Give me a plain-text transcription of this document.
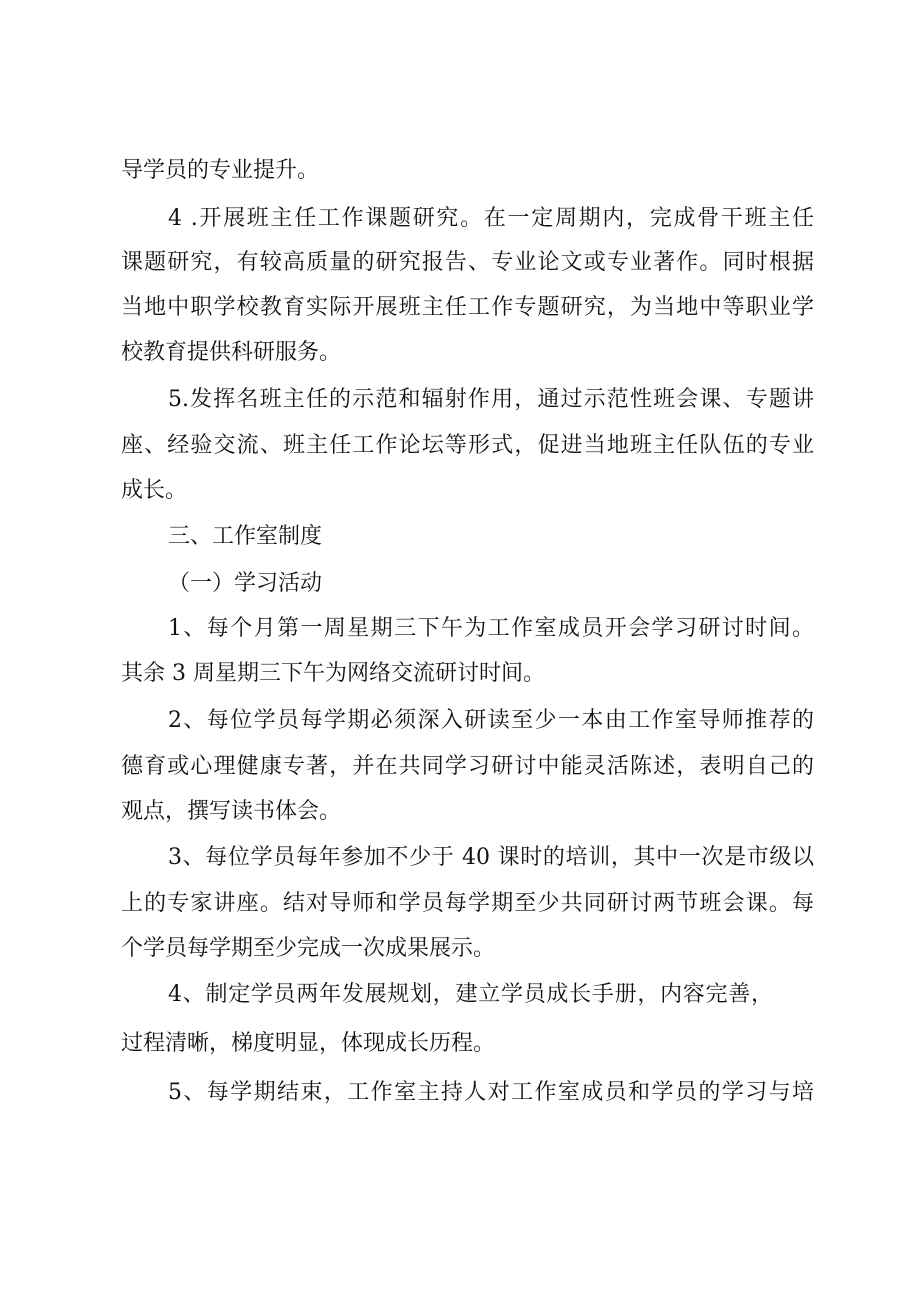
导学员的专业提升。

4 .开展班主任工作课题研究。在一定周期内，完成骨干班主任

课题研究，有较高质量的研究报告、专业论文或专业著作。同时根据

当地中职学校教育实际开展班主任工作专题研究，为当地中等职业学

校教育提供科研服务。

5.发挥名班主任的示范和辐射作用，通过示范性班会课、专题讲

座、经验交流、班主任工作论坛等形式，促进当地班主任队伍的专业

成长。

三、工作室制度
（一）学习活动

1、每个月第一周星期三下午为工作室成员开会学习研讨时间。

其余 3 周星期三下午为网络交流研讨时间。

2、每位学员每学期必须深入研读至少一本由工作室导师推荐的

德育或心理健康专著，并在共同学习研讨中能灵活陈述，表明自己的

观点，撰写读书体会。

3、每位学员每年参加不少于 40 课时的培训，其中一次是市级以

上的专家讲座。结对导师和学员每学期至少共同研讨两节班会课。每

个学员每学期至少完成一次成果展示。

4、制定学员两年发展规划，建立学员成长手册，内容完善，

过程清晰，梯度明显，体现成长历程。

5、每学期结束，工作室主持人对工作室成员和学员的学习与培
